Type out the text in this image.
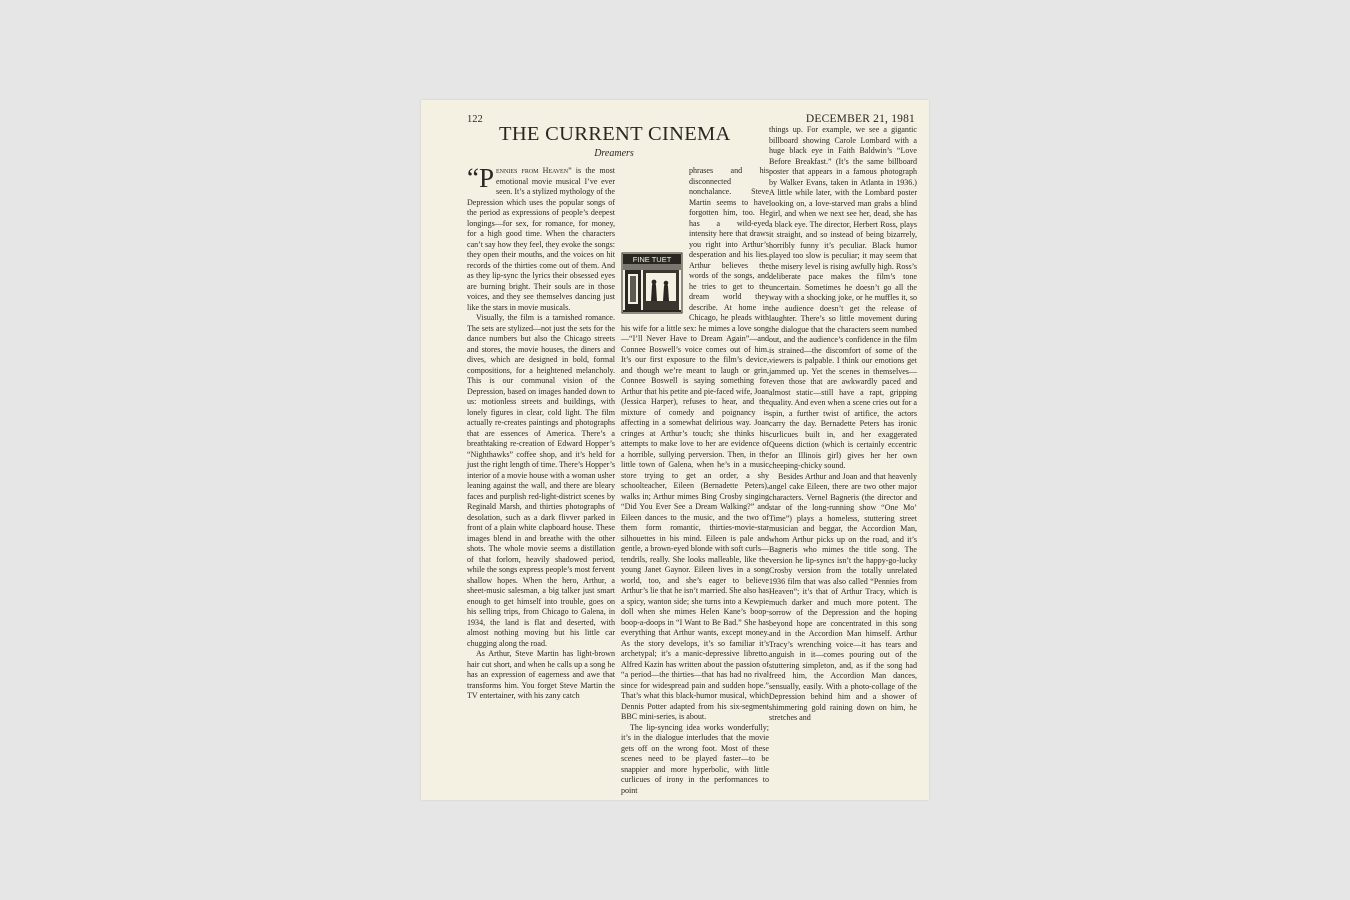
122	DECEMBER 21, 1981
THE CURRENT CINEMA
Dreamers

“Pennies from Heaven” is the most emotional movie musical I’ve ever seen. It’s a stylized mythology of the Depression which uses the popular songs of the period as expressions of people’s deepest longings—for sex, for romance, for money, for a high good time. When the characters can’t say how they feel, they evoke the songs: they open their mouths, and the voices on hit records of the thirties come out of them. And as they lip-sync the lyrics their obsessed eyes are burning bright. Their souls are in those voices, and they see themselves dancing just like the stars in movie musicals.

Visually, the film is a tarnished romance. The sets are stylized—not just the sets for the dance numbers but also the Chicago streets and stores, the movie houses, the diners and dives, which are designed in bold, formal compositions, for a heightened melancholy. This is our communal vision of the Depression, based on images handed down to us: motionless streets and buildings, with lonely figures in clear, cold light. The film actually re-creates paintings and photographs that are essences of America. There’s a breathtaking re-creation of Edward Hopper’s “Nighthawks” coffee shop, and it’s held for just the right length of time. There’s Hopper’s interior of a movie house with a woman usher leaning against the wall, and there are bleary faces and purplish red-light-district scenes by Reginald Marsh, and thirties photographs of desolation, such as a dark flivver parked in front of a plain white clapboard house. These images blend in and breathe with the other shots. The whole movie seems a distillation of that forlorn, heavily shadowed period, while the songs express people’s most fervent shallow hopes. When the hero, Arthur, a sheet-music salesman, a big talker just smart enough to get himself into trouble, goes on his selling trips, from Chicago to Galena, in 1934, the land is flat and deserted, with almost nothing moving but his little car chugging along the road.

As Arthur, Steve Martin has light-brown hair cut short, and when he calls up a song he has an expression of eagerness and awe that transforms him. You forget Steve Martin the TV entertainer, with his zany catch

FINE TUET
phrases and his disconnected nonchalance. Steve Martin seems to have forgotten him, too. He has a wild-eyed intensity here that draws you right into Arthur’s desperation and his lies. Arthur believes the words of the songs, and he tries to get to the dream world they describe. At home in Chicago, he pleads with his wife for a little sex: he mimes a love song—“I’ll Never Have to Dream Again”—and Connee Boswell’s voice comes out of him. It’s our first exposure to the film’s device, and though we’re meant to laugh or grin, Connee Boswell is saying something for Arthur that his petite and pie-faced wife, Joan (Jessica Harper), refuses to hear, and the mixture of comedy and poignancy is affecting in a somewhat delirious way. Joan cringes at Arthur’s touch; she thinks his attempts to make love to her are evidence of a horrible, sullying perversion. Then, in the little town of Galena, when he’s in a music store trying to get an order, a shy schoolteacher, Eileen (Bernadette Peters), walks in; Arthur mimes Bing Crosby singing “Did You Ever See a Dream Walking?” and Eileen dances to the music, and the two of them form romantic, thirties-movie-star silhouettes in his mind. Eileen is pale and gentle, a brown-eyed blonde with soft curls—tendrils, really. She looks malleable, like the young Janet Gaynor. Eileen lives in a song world, too, and she’s eager to believe Arthur’s lie that he isn’t married. She also has a spicy, wanton side; she turns into a Kewpie doll when she mimes Helen Kane’s boop-boop-a-doops in “I Want to Be Bad.” She has everything that Arthur wants, except money. As the story develops, it’s so familiar it’s archetypal; it’s a manic-depressive libretto. Alfred Kazin has written about the passion of “a period—the thirties—that has had no rival since for widespread pain and sudden hope.” That’s what this black-humor musical, which Dennis Potter adapted from his six-segment BBC mini-series, is about.

The lip-syncing idea works wonderfully; it’s in the dialogue interludes that the movie gets off on the wrong foot. Most of these scenes need to be played faster—to be snappier and more hyperbolic, with little curlicues of irony in the performances to point

things up. For example, we see a gigantic billboard showing Carole Lombard with a huge black eye in Faith Baldwin’s “Love Before Breakfast.” (It’s the same billboard poster that appears in a famous photograph by Walker Evans, taken in Atlanta in 1936.) A little while later, with the Lombard poster looking on, a love-starved man grabs a blind girl, and when we next see her, dead, she has a black eye. The director, Herbert Ross, plays it straight, and so instead of being bizarrely, horribly funny it’s peculiar. Black humor played too slow is peculiar; it may seem that the misery level is rising awfully high. Ross’s deliberate pace makes the film’s tone uncertain. Sometimes he doesn’t go all the way with a shocking joke, or he muffles it, so the audience doesn’t get the release of laughter. There’s so little movement during the dialogue that the characters seem numbed out, and the audience’s confidence in the film is strained—the discomfort of some of the viewers is palpable. I think our emotions get jammed up. Yet the scenes in themselves—even those that are awkwardly paced and almost static—still have a rapt, gripping quality. And even when a scene cries out for a spin, a further twist of artifice, the actors carry the day. Bernadette Peters has ironic curlicues built in, and her exaggerated Queens diction (which is certainly eccentric for an Illinois girl) gives her her own cheeping-chicky sound.

Besides Arthur and Joan and that heavenly angel cake Eileen, there are two other major characters. Vernel Bagneris (the director and star of the long-running show “One Mo’ Time”) plays a homeless, stuttering street musician and beggar, the Accordion Man, whom Arthur picks up on the road, and it’s Bagneris who mimes the title song. The version he lip-syncs isn’t the happy-go-lucky Crosby version from the totally unrelated 1936 film that was also called “Pennies from Heaven”; it’s that of Arthur Tracy, which is much darker and much more potent. The sorrow of the Depression and the hoping beyond hope are concentrated in this song and in the Accordion Man himself. Arthur Tracy’s wrenching voice—it has tears and anguish in it—comes pouring out of the stuttering simpleton, and, as if the song had freed him, the Accordion Man dances, sensually, easily. With a photo-collage of the Depression behind him and a shower of shimmering gold raining down on him, he stretches and
